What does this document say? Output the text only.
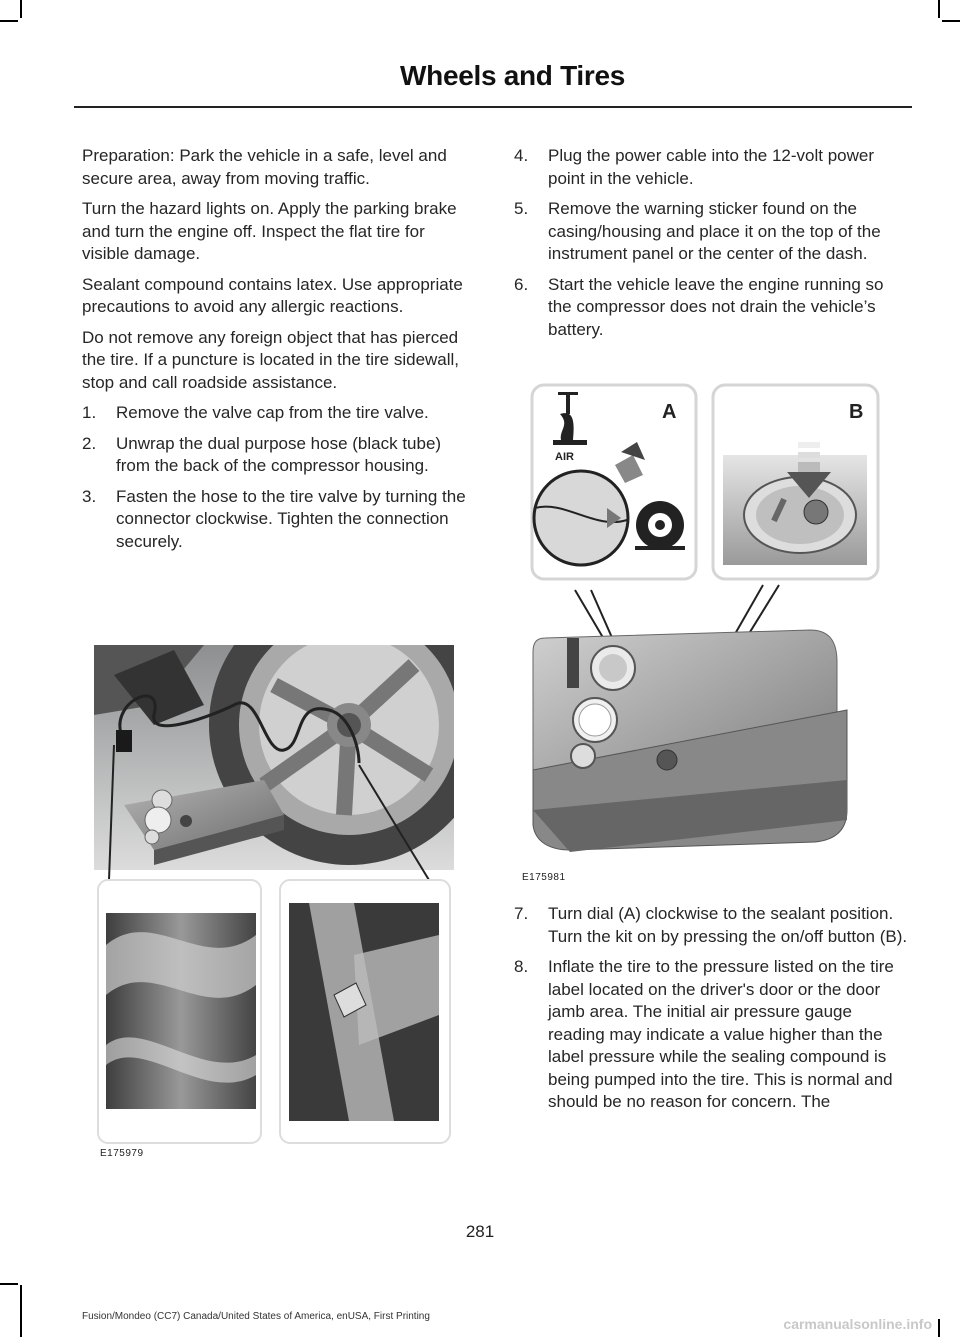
Wheels and Tires

Preparation: Park the vehicle in a safe, level and secure area, away from moving traffic.

Turn the hazard lights on. Apply the parking brake and turn the engine off. Inspect the flat tire for visible damage.

Sealant compound contains latex. Use appropriate precautions to avoid any allergic reactions.

Do not remove any foreign object that has pierced the tire. If a puncture is located in the tire sidewall, stop and call roadside assistance.

1.	Remove the valve cap from the tire valve.
2.	Unwrap the dual purpose hose (black tube) from the back of the compressor housing.
3.	Fasten the hose to the tire valve by turning the connector clockwise. Tighten the connection securely.
E175979
4.	Plug the power cable into the 12-volt power point in the vehicle.
5.	Remove the warning sticker found on the casing/housing and place it on the top of the instrument panel or the center of the dash.
6.	Start the vehicle leave the engine running so the compressor does not drain the vehicle’s battery.
A	B
AIR
E175981
7.	Turn dial (A) clockwise to the sealant position. Turn the kit on by pressing the on/off button (B).
8.	Inflate the tire to the pressure listed on the tire label located on the driver's door or the door jamb area. The initial air pressure gauge reading may indicate a value higher than the label pressure while the sealing compound is being pumped into the tire. This is normal and should be no reason for concern. The
281
Fusion/Mondeo (CC7) Canada/United States of America, enUSA, First Printing	carmanualsonline.info
